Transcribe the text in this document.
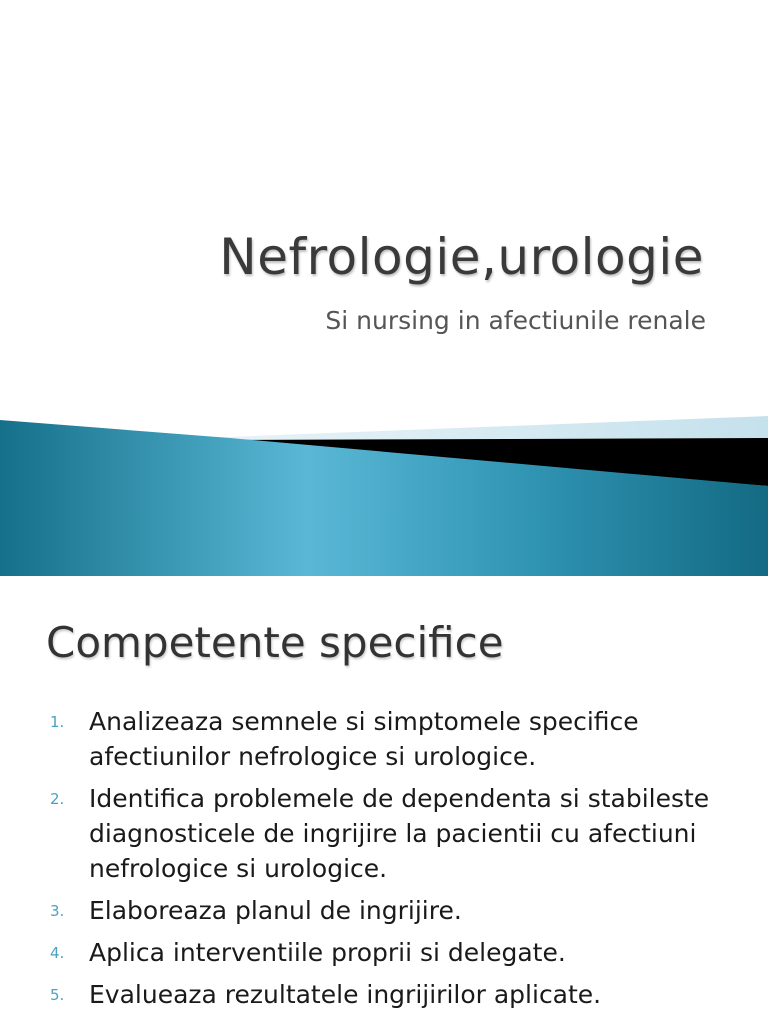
Nefrologie,urologie
Si nursing in afectiunile renale
Competente specifice
1. Analizeaza semnele si simptomele specifice afectiunilor nefrologice si urologice.
2. Identifica problemele de dependenta si stabileste diagnosticele de ingrijire la pacientii cu afectiuni nefrologice si urologice.
3. Elaboreaza planul de ingrijire.
4. Aplica interventiile proprii si delegate.
5. Evalueaza rezultatele ingrijirilor aplicate.
